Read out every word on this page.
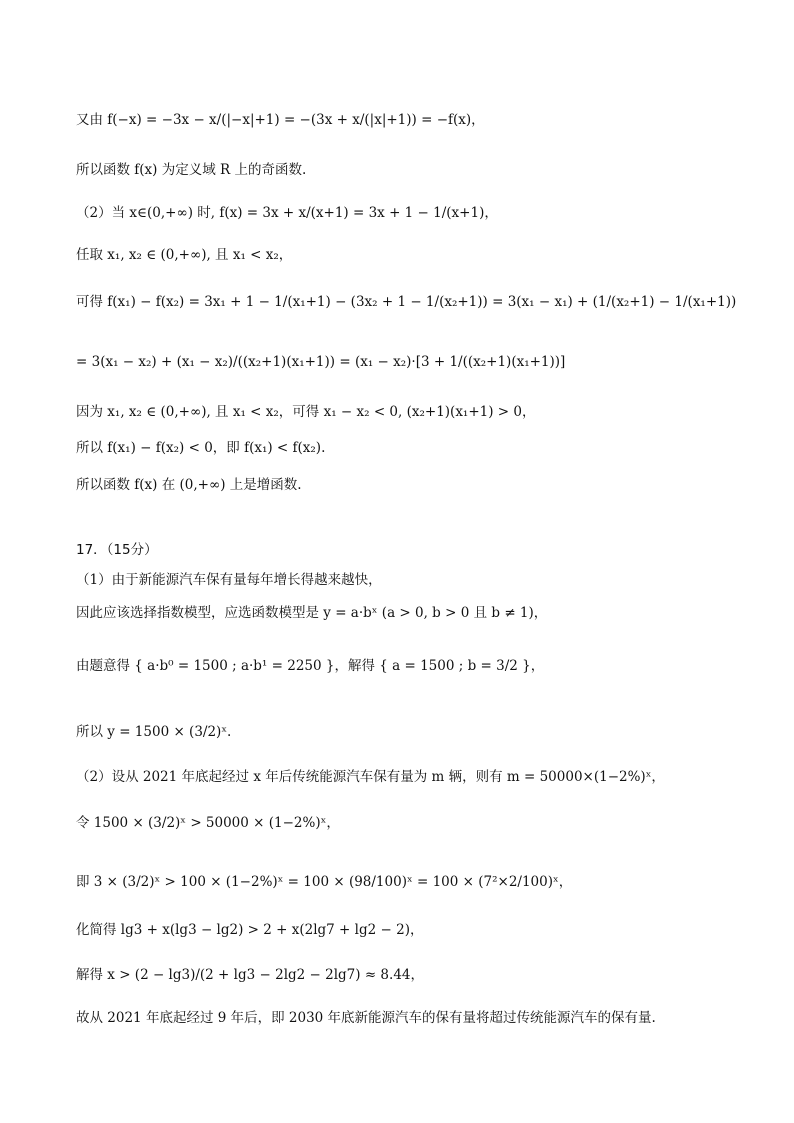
又由 f(−x) = −3x − x/(|−x|+1) = −(3x + x/(|x|+1)) = −f(x)，
所以函数 f(x) 为定义域 R 上的奇函数.
（2）当 x∈(0,+∞) 时, f(x) = 3x + x/(x+1) = 3x + 1 − 1/(x+1)，
任取 x₁, x₂ ∈ (0,+∞), 且 x₁ < x₂，
可得 f(x₁) − f(x₂) = 3x₁ + 1 − 1/(x₁+1) − (3x₂ + 1 − 1/(x₂+1)) = 3(x₁ − x₁) + (1/(x₂+1) − 1/(x₁+1))
= 3(x₁ − x₂) + (x₁ − x₂)/((x₂+1)(x₁+1)) = (x₁ − x₂)·[3 + 1/((x₂+1)(x₁+1))]
因为 x₁, x₂ ∈ (0,+∞), 且 x₁ < x₂，可得 x₁ − x₂ < 0, (x₂+1)(x₁+1) > 0，
所以 f(x₁) − f(x₂) < 0，即 f(x₁) < f(x₂).
所以函数 f(x) 在 (0,+∞) 上是增函数.
17．（15分）
（1）由于新能源汽车保有量每年增长得越来越快，
因此应该选择指数模型，应选函数模型是 y = a·bˣ (a > 0, b > 0 且 b ≠ 1)，
由题意得 { a·b⁰ = 1500 ; a·b¹ = 2250 }，解得 { a = 1500 ; b = 3/2 }，
所以 y = 1500 × (3/2)ˣ.
（2）设从 2021 年底起经过 x 年后传统能源汽车保有量为 m 辆，则有 m = 50000×(1−2%)ˣ，
令 1500 × (3/2)ˣ > 50000 × (1−2%)ˣ，
即 3 × (3/2)ˣ > 100 × (1−2%)ˣ = 100 × (98/100)ˣ = 100 × (7²×2/100)ˣ，
化简得 lg3 + x(lg3 − lg2) > 2 + x(2lg7 + lg2 − 2)，
解得 x > (2 − lg3)/(2 + lg3 − 2lg2 − 2lg7) ≈ 8.44，
故从 2021 年底起经过 9 年后，即 2030 年底新能源汽车的保有量将超过传统能源汽车的保有量.
